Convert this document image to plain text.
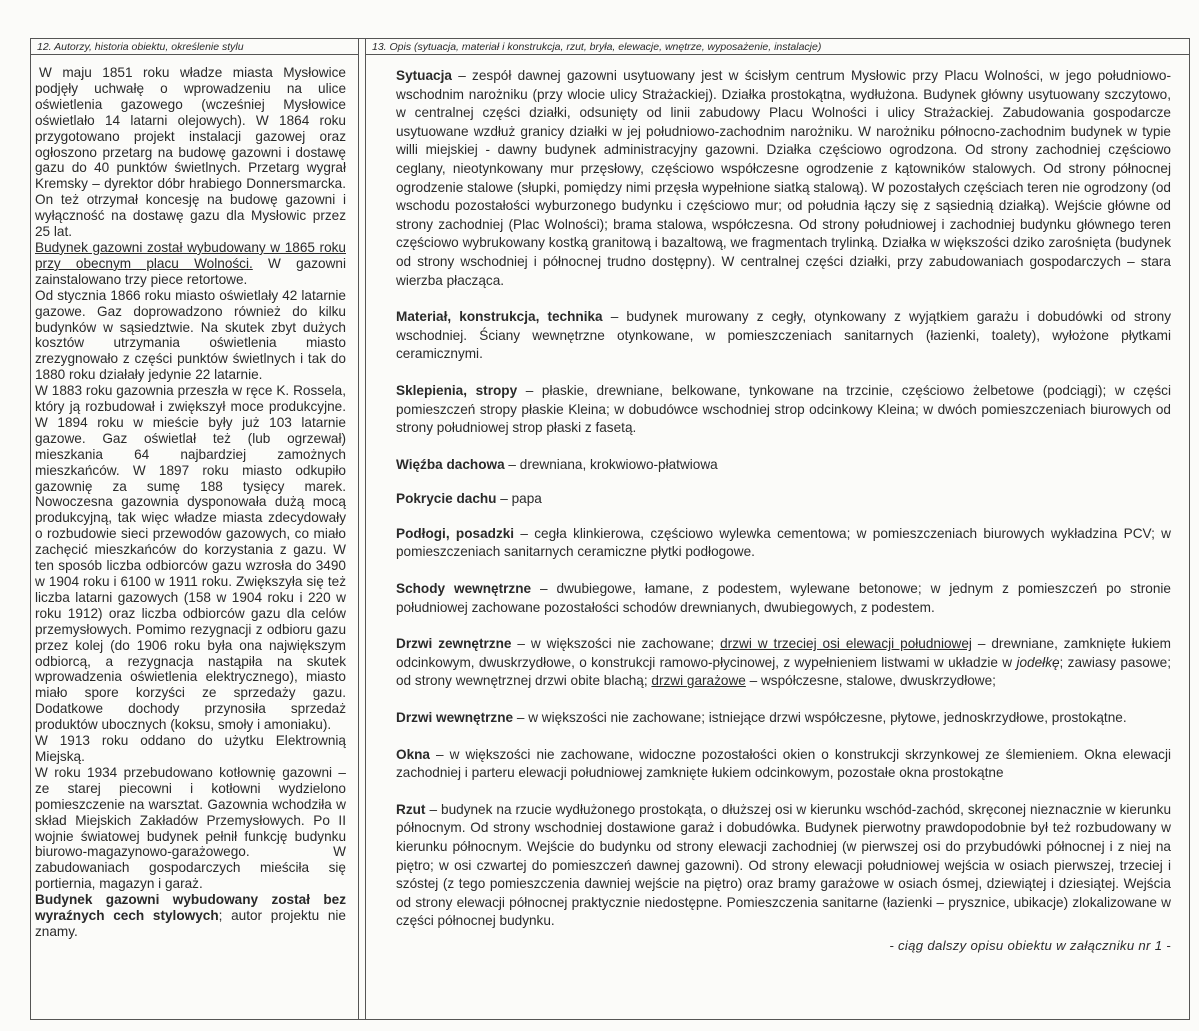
12. Autorzy, historia obiektu, określenie stylu

W maju 1851 roku władze miasta Mysłowice podjęły uchwałę o wprowadzeniu na ulice oświetlenia gazowego (wcześniej Mysłowice oświetlało 14 latarni olejowych). W 1864 roku przygotowano projekt instalacji gazowej oraz ogłoszono przetarg na budowę gazowni i dostawę gazu do 40 punktów świetlnych. Przetarg wygrał Kremsky – dyrektor dóbr hrabiego Donnersmarcka. On też otrzymał koncesję na budowę gazowni i wyłączność na dostawę gazu dla Mysłowic przez 25 lat.

Budynek gazowni został wybudowany w 1865 roku przy obecnym placu Wolności. W gazowni zainstalowano trzy piece retortowe.

Od stycznia 1866 roku miasto oświetlały 42 latarnie gazowe. Gaz doprowadzono również do kilku budynków w sąsiedztwie. Na skutek zbyt dużych kosztów utrzymania oświetlenia miasto zrezygnowało z części punktów świetlnych i tak do 1880 roku działały jedynie 22 latarnie.

W 1883 roku gazownia przeszła w ręce K. Rossela, który ją rozbudował i zwiększył moce produkcyjne. W 1894 roku w mieście były już 103 latarnie gazowe. Gaz oświetlał też (lub ogrzewał) mieszkania 64 najbardziej zamożnych mieszkańców. W 1897 roku miasto odkupiło gazownię za sumę 188 tysięcy marek. Nowoczesna gazownia dysponowała dużą mocą produkcyjną, tak więc władze miasta zdecydowały o rozbudowie sieci przewodów gazowych, co miało zachęcić mieszkańców do korzystania z gazu. W ten sposób liczba odbiorców gazu wzrosła do 3490 w 1904 roku i 6100 w 1911 roku. Zwiększyła się też liczba latarni gazowych (158 w 1904 roku i 220 w roku 1912) oraz liczba odbiorców gazu dla celów przemysłowych. Pomimo rezygnacji z odbioru gazu przez kolej (do 1906 roku była ona największym odbiorcą, a rezygnacja nastąpiła na skutek wprowadzenia oświetlenia elektrycznego), miasto miało spore korzyści ze sprzedaży gazu. Dodatkowe dochody przynosiła sprzedaż produktów ubocznych (koksu, smoły i amoniaku).

W 1913 roku oddano do użytku Elektrownią Miejską.

W roku 1934 przebudowano kotłownię gazowni – ze starej piecowni i kotłowni wydzielono pomieszczenie na warsztat. Gazownia wchodziła w skład Miejskich Zakładów Przemysłowych. Po II wojnie światowej budynek pełnił funkcję budynku biurowo-magazynowo-garażowego. W zabudowaniach gospodarczych mieściła się portiernia, magazyn i garaż.

Budynek gazowni wybudowany został bez wyraźnych cech stylowych; autor projektu nie znamy.

13. Opis (sytuacja, materiał i konstrukcja, rzut, bryła, elewacje, wnętrze, wyposażenie, instalacje)

Sytuacja – zespół dawnej gazowni usytuowany jest w ścisłym centrum Mysłowic przy Placu Wolności, w jego południowo-wschodnim narożniku (przy wlocie ulicy Strażackiej). Działka prostokątna, wydłużona. Budynek główny usytuowany szczytowo, w centralnej części działki, odsunięty od linii zabudowy Placu Wolności i ulicy Strażackiej. Zabudowania gospodarcze usytuowane wzdłuż granicy działki w jej południowo-zachodnim narożniku. W narożniku północno-zachodnim budynek w typie willi miejskiej - dawny budynek administracyjny gazowni. Działka częściowo ogrodzona. Od strony zachodniej częściowo ceglany, nieotynkowany mur przęsłowy, częściowo współczesne ogrodzenie z kątowników stalowych. Od strony północnej ogrodzenie stalowe (słupki, pomiędzy nimi przęsła wypełnione siatką stalową). W pozostałych częściach teren nie ogrodzony (od wschodu pozostałości wyburzonego budynku i częściowo mur; od południa łączy się z sąsiednią działką). Wejście główne od strony zachodniej (Plac Wolności); brama stalowa, współczesna. Od strony południowej i zachodniej budynku głównego teren częściowo wybrukowany kostką granitową i bazaltową, we fragmentach trylinką. Działka w większości dziko zarośnięta (budynek od strony wschodniej i północnej trudno dostępny). W centralnej części działki, przy zabudowaniach gospodarczych – stara wierzba płacząca.

Materiał, konstrukcja, technika – budynek murowany z cegły, otynkowany z wyjątkiem garażu i dobudówki od strony wschodniej. Ściany wewnętrzne otynkowane, w pomieszczeniach sanitarnych (łazienki, toalety), wyłożone płytkami ceramicznymi.

Sklepienia, stropy – płaskie, drewniane, belkowane, tynkowane na trzcinie, częściowo żelbetowe (podciągi); w części pomieszczeń stropy płaskie Kleina; w dobudówce wschodniej strop odcinkowy Kleina; w dwóch pomieszczeniach biurowych od strony południowej strop płaski z fasetą.

Więźba dachowa – drewniana, krokwiowo-płatwiowa

Pokrycie dachu – papa

Podłogi, posadzki – cegła klinkierowa, częściowo wylewka cementowa; w pomieszczeniach biurowych wykładzina PCV; w pomieszczeniach sanitarnych ceramiczne płytki podłogowe.

Schody wewnętrzne – dwubiegowe, łamane, z podestem, wylewane betonowe; w jednym z pomieszczeń po stronie południowej zachowane pozostałości schodów drewnianych, dwubiegowych, z podestem.

Drzwi zewnętrzne – w większości nie zachowane; drzwi w trzeciej osi elewacji południowej – drewniane, zamknięte łukiem odcinkowym, dwuskrzydłowe, o konstrukcji ramowo-płycinowej, z wypełnieniem listwami w układzie w jodełkę; zawiasy pasowe; od strony wewnętrznej drzwi obite blachą; drzwi garażowe – współczesne, stalowe, dwuskrzydłowe;

Drzwi wewnętrzne – w większości nie zachowane; istniejące drzwi współczesne, płytowe, jednoskrzydłowe, prostokątne.

Okna – w większości nie zachowane, widoczne pozostałości okien o konstrukcji skrzynkowej ze ślemieniem. Okna elewacji zachodniej i parteru elewacji południowej zamknięte łukiem odcinkowym, pozostałe okna prostokątne

Rzut – budynek na rzucie wydłużonego prostokąta, o dłuższej osi w kierunku wschód-zachód, skręconej nieznacznie w kierunku północnym. Od strony wschodniej dostawione garaż i dobudówka. Budynek pierwotny prawdopodobnie był też rozbudowany w kierunku północnym. Wejście do budynku od strony elewacji zachodniej (w pierwszej osi do przybudówki północnej i z niej na piętro; w osi czwartej do pomieszczeń dawnej gazowni). Od strony elewacji południowej wejścia w osiach pierwszej, trzeciej i szóstej (z tego pomieszczenia dawniej wejście na piętro) oraz bramy garażowe w osiach ósmej, dziewiątej i dziesiątej. Wejścia od strony elewacji północnej praktycznie niedostępne. Pomieszczenia sanitarne (łazienki – prysznice, ubikacje) zlokalizowane w części północnej budynku.

- ciąg dalszy opisu obiektu w załączniku nr 1 -
